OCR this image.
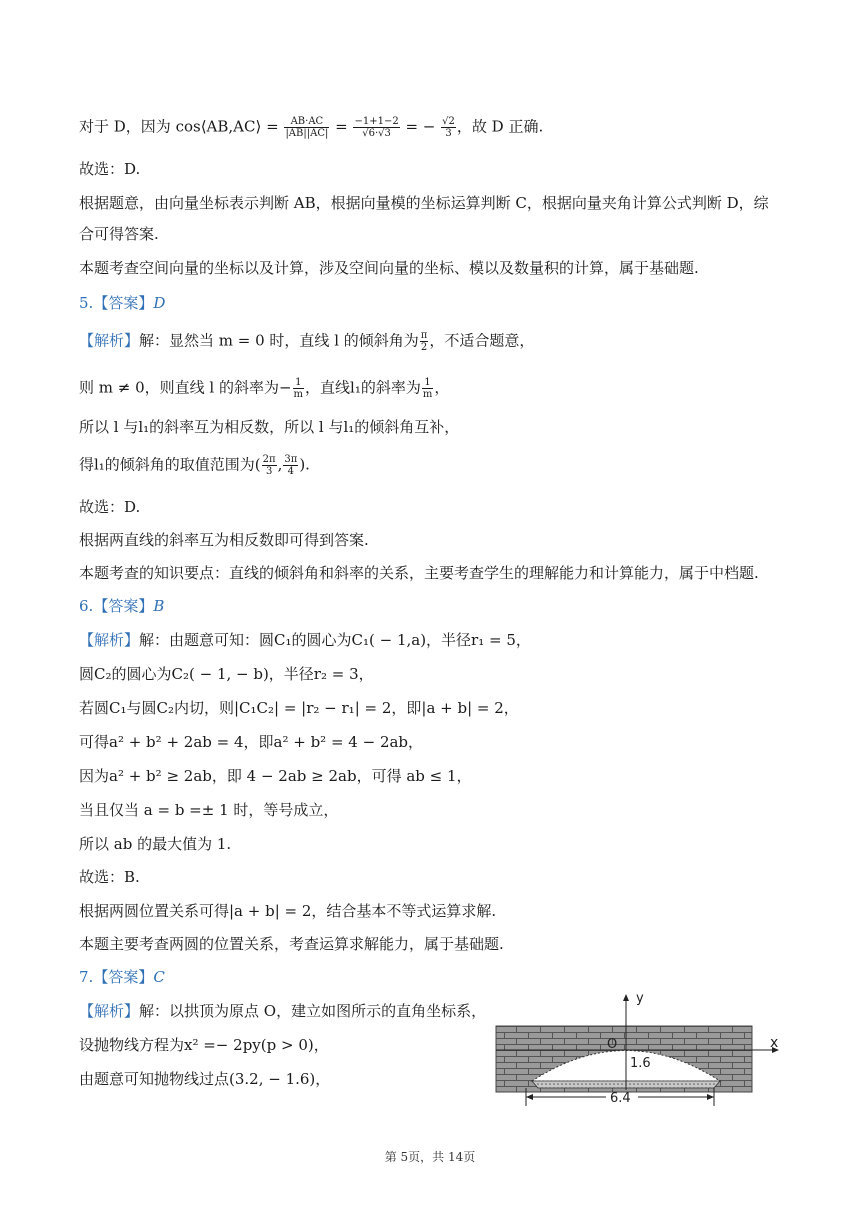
对于 D，因为 cos⟨AB,AC⟩ = $\frac{AB\cdot AC}{|AB||AC|} = \frac{-1+1-2}{√6\cdot√3}$ = − $\frac{√2}{3}$ ，故 D 正确.
故选：D.
根据题意，由向量坐标表示判断 AB，根据向量模的坐标运算判断 C，根据向量夹角计算公式判断 D，综合可得答案.
本题考查空间向量的坐标以及计算，涉及空间向量的坐标、模以及数量积的计算，属于基础题.
5.【答案】D
【解析】解：显然当 m = 0 时，直线 l 的倾斜角为 $\frac{\pi}{2}$ ，不适合题意，
则 m ≠ 0，则直线 l 的斜率为− $\frac{1}{m}$ ，直线l₁的斜率为 $\frac{1}{m}$ ，
所以 l 与l₁的斜率互为相反数，所以 l 与l₁的倾斜角互补，
得l₁的倾斜角的取值范围为( $\frac{2\pi}{3}$ , $\frac{3\pi}{4}$ ).
故选：D.
根据两直线的斜率互为相反数即可得到答案.
本题考查的知识要点：直线的倾斜角和斜率的关系，主要考查学生的理解能力和计算能力，属于中档题.
6.【答案】B
【解析】解：由题意可知：圆C₁的圆心为C₁( − 1,a)，半径r₁ = 5，
圆C₂的圆心为C₂( − 1, − b)，半径r₂ = 3，
若圆C₁与圆C₂内切，则|C₁C₂| = |r₂ − r₁| = 2，即|a + b| = 2，
可得a² + b² + 2ab = 4，即a² + b² = 4 − 2ab，
因为a² + b² ≥ 2ab，即 4 − 2ab ≥ 2ab，可得 ab ≤ 1，
当且仅当 a = b =± 1 时，等号成立，
所以 ab 的最大值为 1.
故选：B.
根据两圆位置关系可得|a + b| = 2，结合基本不等式运算求解.
本题主要考查两圆的位置关系，考查运算求解能力，属于基础题.
7.【答案】C
【解析】解：以拱顶为原点 O，建立如图所示的直角坐标系，
设抛物线方程为x² =− 2py(p > 0)，
由题意可知抛物线过点(3.2, − 1.6)，
y
x
O
1.6
6.4
第 5页，共 14页
